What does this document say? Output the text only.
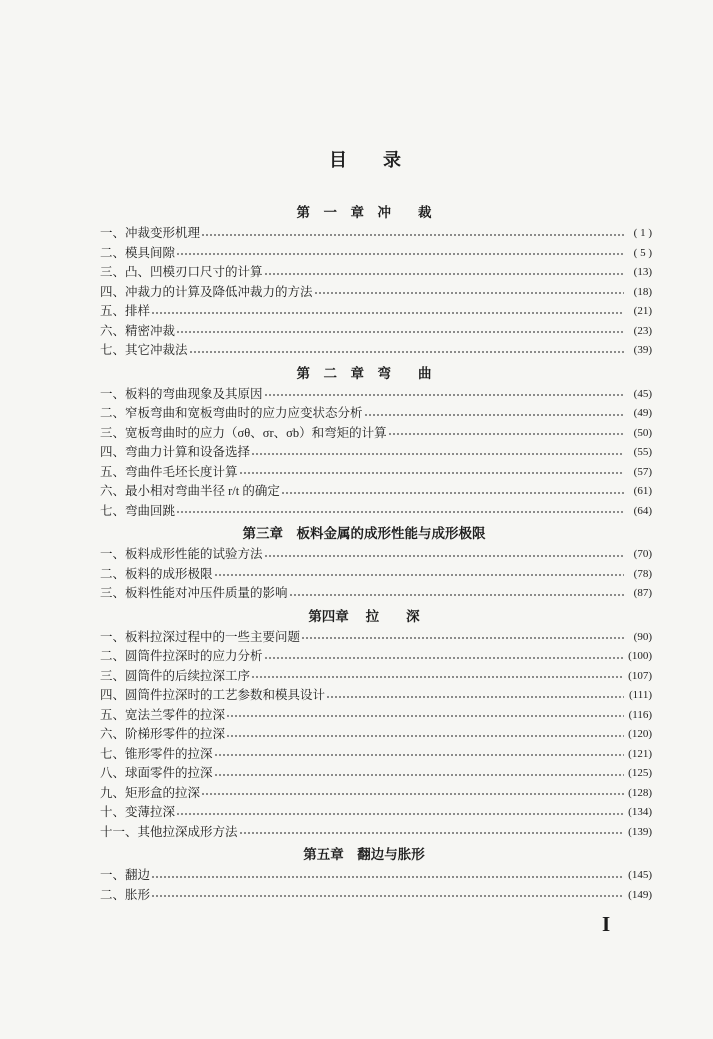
目　　录
第　一　章　冲　　裁
一、冲裁变形机理	( 1 )
二、模具间隙	( 5 )
三、凸、凹模刃口尺寸的计算	(13)
四、冲裁力的计算及降低冲裁力的方法	(18)
五、排样	(21)
六、精密冲裁	(23)
七、其它冲裁法	(39)
第　二　章　弯　　曲
一、板料的弯曲现象及其原因	(45)
二、窄板弯曲和宽板弯曲时的应力应变状态分析	(49)
三、宽板弯曲时的应力（σθ、σr、σb）和弯矩的计算	(50)
四、弯曲力计算和设备选择	(55)
五、弯曲件毛坯长度计算	(57)
六、最小相对弯曲半径 r/t 的确定	(61)
七、弯曲回跳	(64)
第三章　板料金属的成形性能与成形极限
一、板料成形性能的试验方法	(70)
二、板料的成形极限	(78)
三、板料性能对冲压件质量的影响	(87)
第四章　 拉　　深
一、板料拉深过程中的一些主要问题	(90)
二、圆筒件拉深时的应力分析	(100)
三、圆筒件的后续拉深工序	(107)
四、圆筒件拉深时的工艺参数和模具设计	(111)
五、宽法兰零件的拉深	(116)
六、阶梯形零件的拉深	(120)
七、锥形零件的拉深	(121)
八、球面零件的拉深	(125)
九、矩形盒的拉深	(128)
十、变薄拉深	(134)
十一、其他拉深成形方法	(139)
第五章　翻边与胀形
一、翻边	(145)
二、胀形	(149)
I
